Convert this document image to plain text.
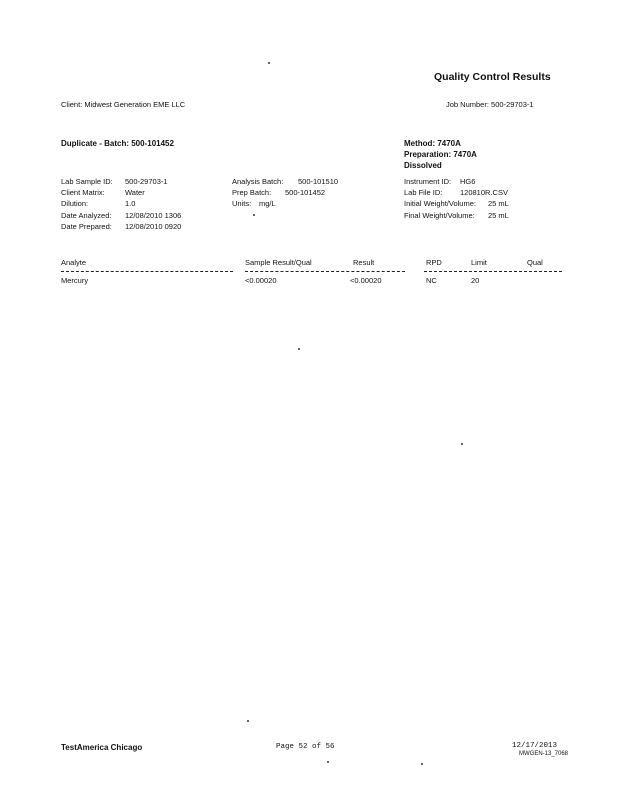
Quality Control Results
Client: Midwest Generation EME LLC	Job Number: 500-29703-1
Duplicate - Batch: 500-101452	Method: 7470A
Preparation: 7470A
Dissolved
Lab Sample ID: 500-29703-1
Client Matrix:	Water
Dilution:	1.0
Date Analyzed: 12/08/2010 1306
Date Prepared: 12/08/2010 0920
Analysis Batch: 500-101510
Prep Batch: 500-101452
Units: mg/L
Instrument ID: HG6
Lab File ID: 120810R.CSV
Initial Weight/Volume: 25 mL
Final Weight/Volume: 25 mL
Analyte	Sample Result/Qual	Result	RPD	Limit	Qual
Mercury	<0.00020	<0.00020	NC	20
TestAmerica Chicago	Page 52 of 56	12/17/2013
MWGEN-13_7068
